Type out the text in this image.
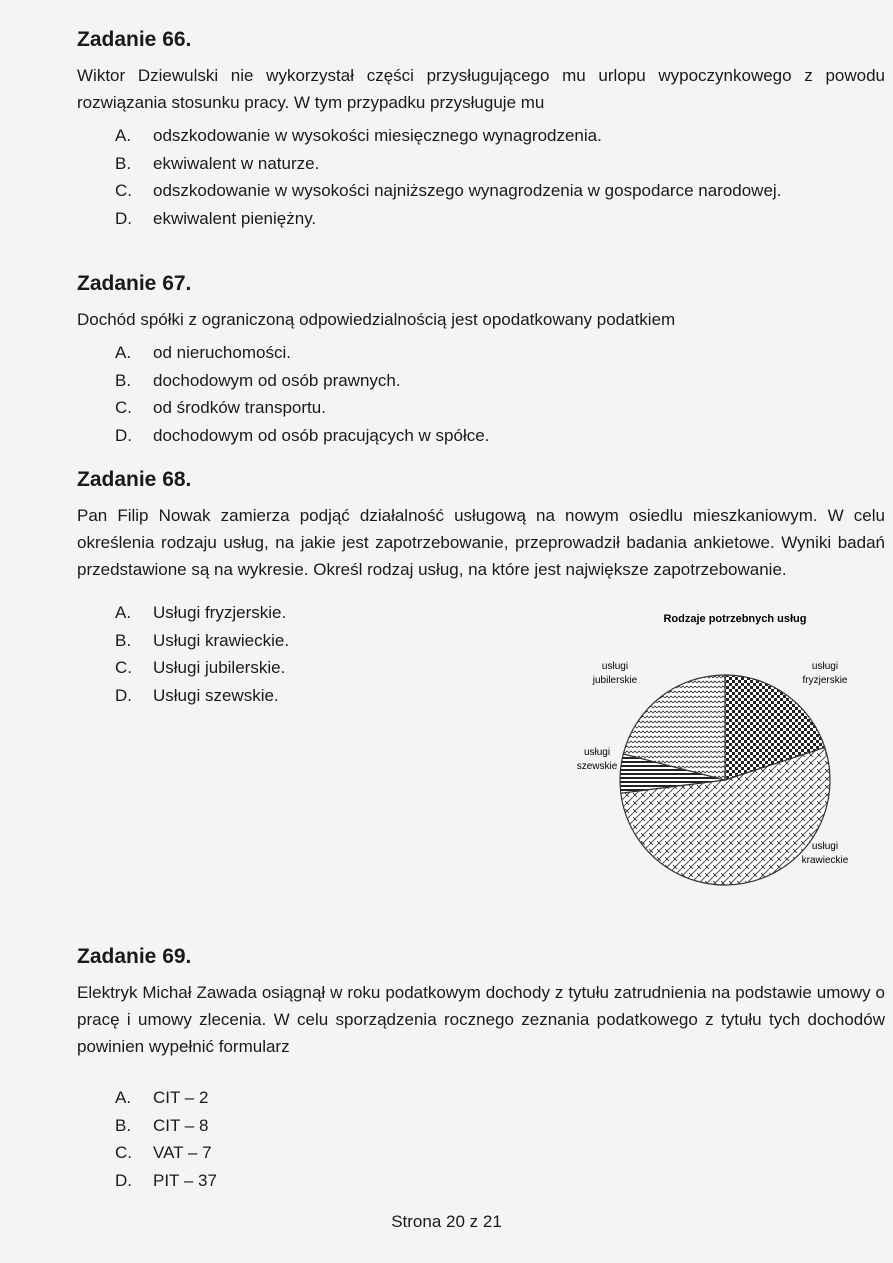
Zadanie 66.

Wiktor Dziewulski nie wykorzystał części przysługującego mu urlopu wypoczynkowego z powodu rozwiązania stosunku pracy. W tym przypadku przysługuje mu

A.	odszkodowanie w wysokości miesięcznego wynagrodzenia.
B.	ekwiwalent w naturze.
C.	odszkodowanie w wysokości najniższego wynagrodzenia w gospodarce narodowej.
D.	ekwiwalent pieniężny.
Zadanie 67.

Dochód spółki z ograniczoną odpowiedzialnością jest opodatkowany podatkiem

A.	od nieruchomości.
B.	dochodowym od osób prawnych.
C.	od środków transportu.
D.	dochodowym od osób pracujących w spółce.
Zadanie 68.

Pan Filip Nowak zamierza podjąć działalność usługową na nowym osiedlu mieszkaniowym. W celu określenia rodzaju usług, na jakie jest zapotrzebowanie, przeprowadził badania ankietowe. Wyniki badań przedstawione są na wykresie. Określ rodzaj usług, na które jest największe zapotrzebowanie.

A.	Usługi fryzjerskie.
B.	Usługi krawieckie.
C.	Usługi jubilerskie.
D.	Usługi szewskie.
Rodzaje potrzebnych usług
usługi fryzjerskie
usługi krawieckie
usługi szewskie
usługi jubilerskie
Zadanie 69.

Elektryk Michał Zawada osiągnął w roku podatkowym dochody z tytułu zatrudnienia na podstawie umowy o pracę i umowy zlecenia. W celu sporządzenia rocznego zeznania podatkowego z tytułu tych dochodów powinien wypełnić formularz

A.	CIT – 2
B.	CIT – 8
C.	VAT – 7
D.	PIT – 37
Strona 20 z 21
